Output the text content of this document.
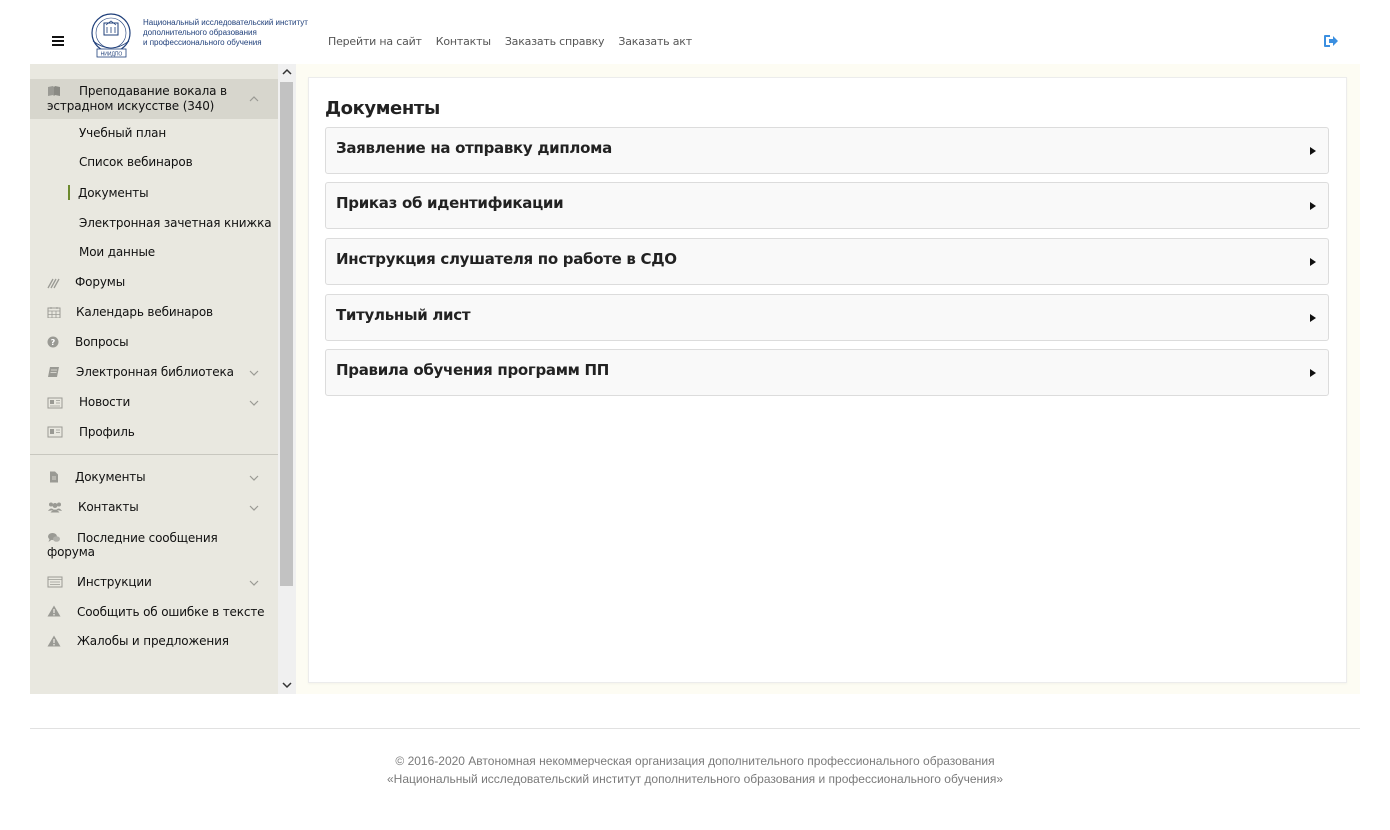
НИИДПО
Национальный исследовательский институт
дополнительного образования
и профессионального обучения	Перейти на сайт Контакты Заказать справку Заказать акт
Преподавание вокала в
эстрадном искусстве (340)
Учебный план
Список вебинаров
Документы
Электронная зачетная книжка
Мои данные
Форумы
Календарь вебинаров
? Вопросы
Электронная библиотека
Новости
Профиль
Документы
Контакты
Последние сообщения
форума
Инструкции
Сообщить об ошибке в тексте
Жалобы и предложения
Документы
Заявление на отправку диплома
Приказ об идентификации
Инструкция слушателя по работе в СДО
Титульный лист
Правила обучения программ ПП
© 2016-2020 Автономная некоммерческая организация дополнительного профессионального образования
«Национальный исследовательский институт дополнительного образования и профессионального обучения»
